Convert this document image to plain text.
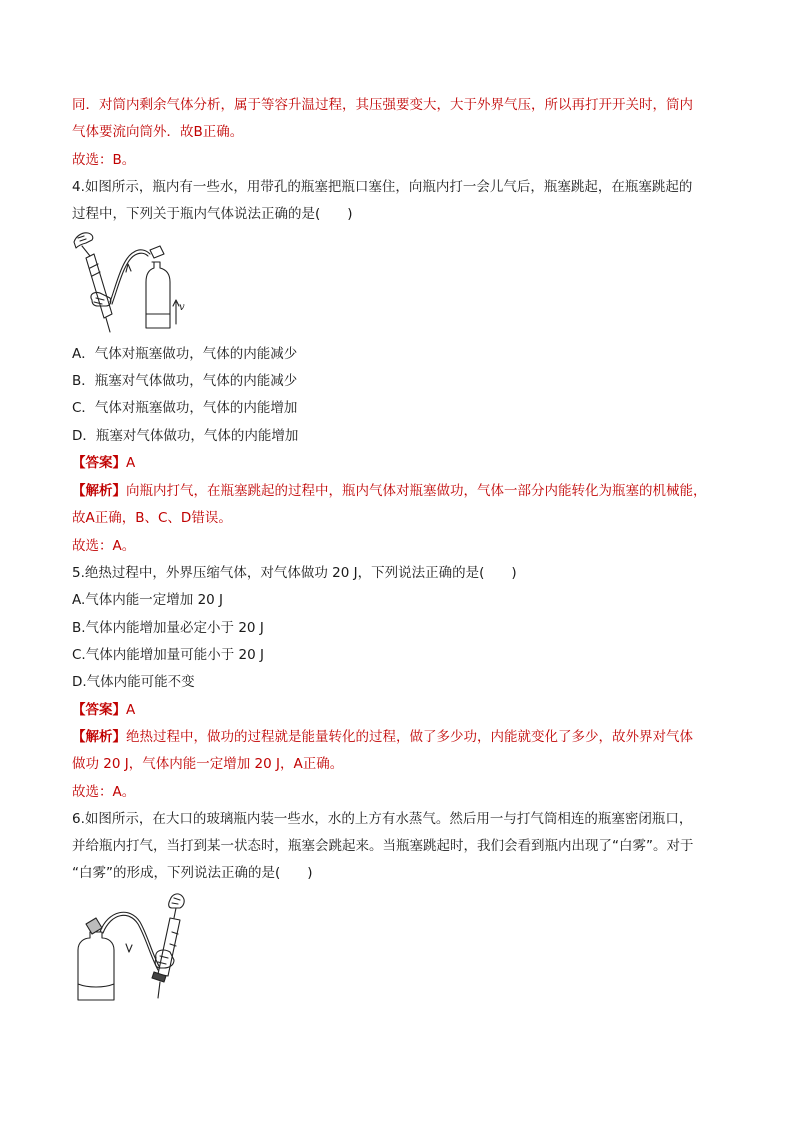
同．对筒内剩余气体分析，属于等容升温过程，其压强要变大，大于外界气压，所以再打开开关时，筒内
气体要流向筒外．故B正确。
故选：B。
4.如图所示，瓶内有一些水，用带孔的瓶塞把瓶口塞住，向瓶内打一会儿气后，瓶塞跳起，在瓶塞跳起的
过程中，下列关于瓶内气体说法正确的是(　　)
v
A．气体对瓶塞做功，气体的内能减少
B．瓶塞对气体做功，气体的内能减少
C．气体对瓶塞做功，气体的内能增加
D．瓶塞对气体做功，气体的内能增加
【答案】A
【解析】向瓶内打气，在瓶塞跳起的过程中，瓶内气体对瓶塞做功，气体一部分内能转化为瓶塞的机械能，
故A正确，B、C、D错误。
故选：A。
5.绝热过程中，外界压缩气体，对气体做功 20 J，下列说法正确的是(　　)
A.气体内能一定增加 20 J
B.气体内能增加量必定小于 20 J
C.气体内能增加量可能小于 20 J
D.气体内能可能不变
【答案】A
【解析】绝热过程中，做功的过程就是能量转化的过程，做了多少功，内能就变化了多少，故外界对气体
做功 20 J，气体内能一定增加 20 J，A正确。
故选：A。
6.如图所示，在大口的玻璃瓶内装一些水，水的上方有水蒸气。然后用一与打气筒相连的瓶塞密闭瓶口，
并给瓶内打气，当打到某一状态时，瓶塞会跳起来。当瓶塞跳起时，我们会看到瓶内出现了“白雾”。对于
“白雾”的形成，下列说法正确的是(　　)
